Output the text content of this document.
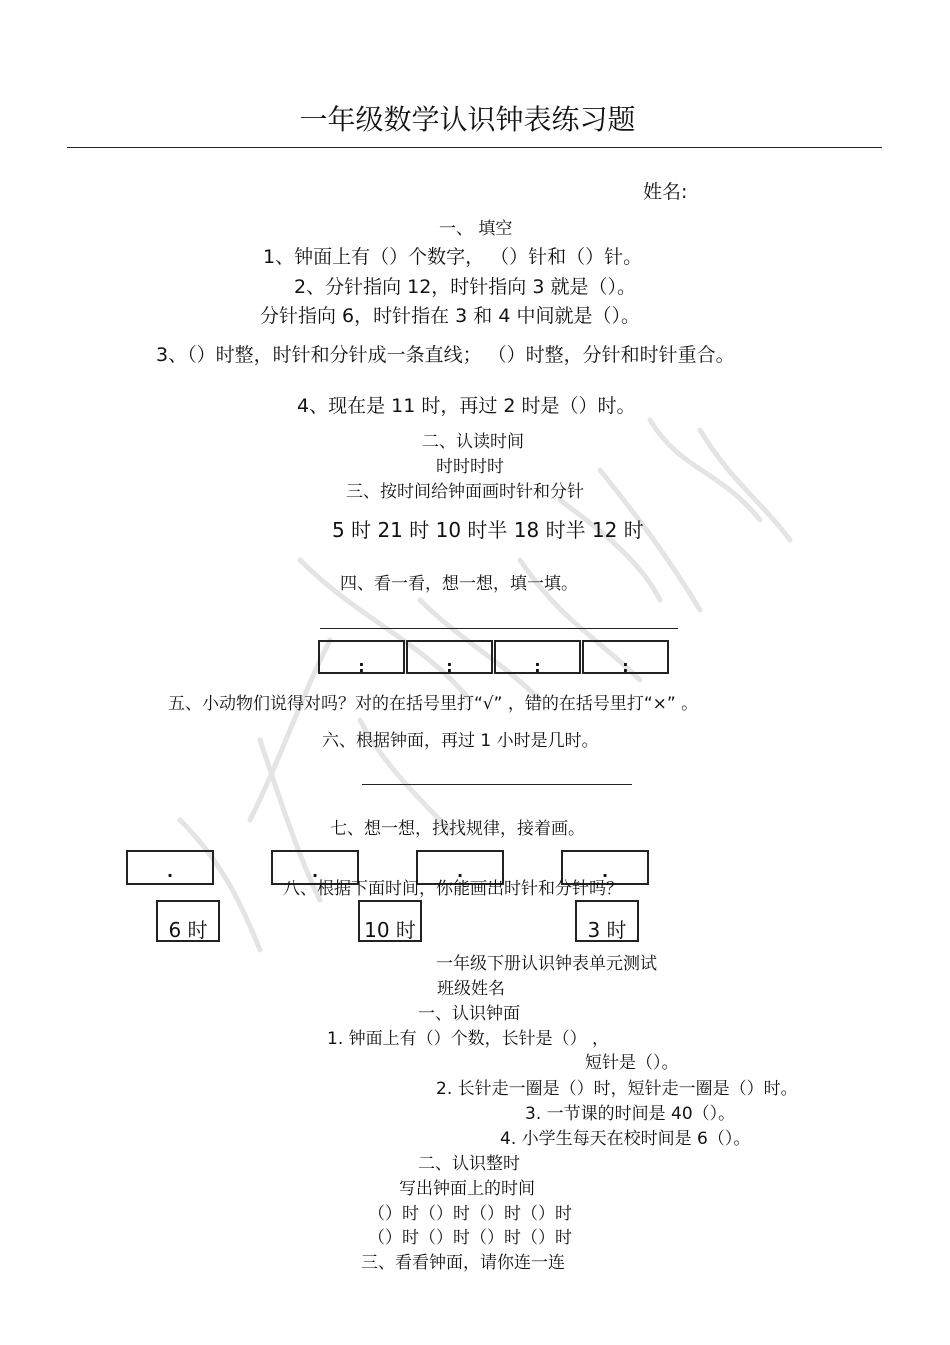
一年级数学认识钟表练习题
姓名:
一、 填空
1、钟面上有（）个数字， （）针和（）针。
2、分针指向 12，时针指向 3 就是（）。
分针指向 6，时针指在 3 和 4 中间就是（）。
3、（）时整，时针和分针成一条直线； （）时整，分针和时针重合。
4、现在是 11 时，再过 2 时是（）时。
二、认读时间
时时时时
三、按时间给钟面画时针和分针
5 时 21 时 10 时半 18 时半 12 时
四、看一看，想一想，填一填。
:	:	:	:
五、小动物们说得对吗？对的在括号里打“√” ，错的在括号里打“×” 。
六、根据钟面，再过 1 小时是几时。
七、想一想，找找规律，接着画。
.	.	.	.
八、根据下面时间，你能画出时针和分针吗？
6 时	10 时	3 时
一年级下册认识钟表单元测试
班级姓名
一、认识钟面
1. 钟面上有（）个数，长针是（） ，
短针是（）。
2. 长针走一圈是（）时，短针走一圈是（）时。
3. 一节课的时间是 40（）。
4. 小学生每天在校时间是 6（）。
二、认识整时
写出钟面上的时间
（）时（）时（）时（）时
（）时（）时（）时（）时
三、看看钟面，请你连一连
